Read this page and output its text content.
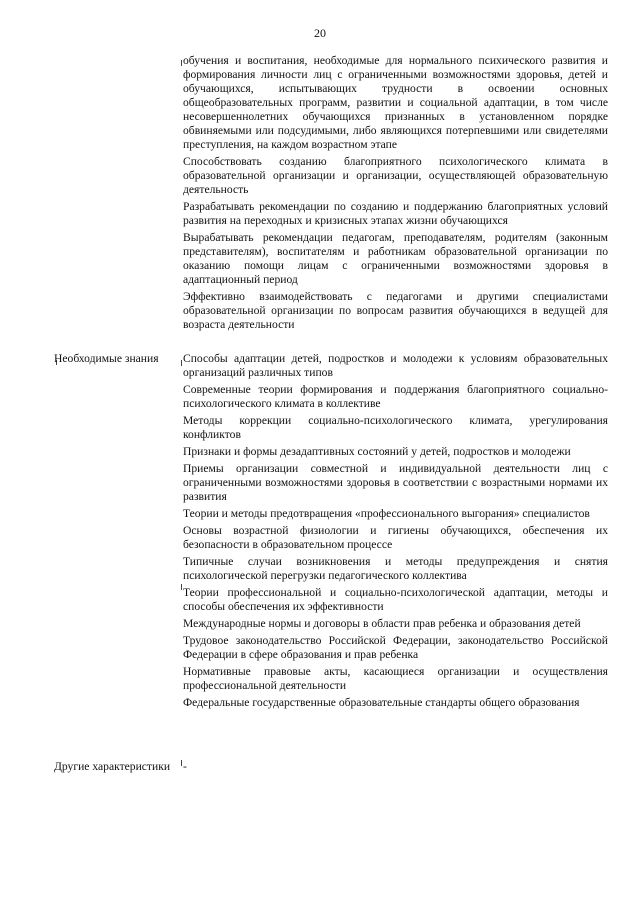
20

обучения и воспитания, необходимые для нормального психического развития и формирования личности лиц с ограниченными возможностями здоровья, детей и обучающихся, испытывающих трудности в освоении основных общеобразовательных программ, развитии и социальной адаптации, в том числе несовершеннолетних обучающихся признанных в установленном порядке обвиняемыми или подсудимыми, либо являющихся потерпевшими или свидетелями преступления, на каждом возрастном этапе

Способствовать созданию благоприятного психологического климата в образовательной организации и организации, осуществляющей образовательную деятельность

Разрабатывать рекомендации по созданию и поддержанию благоприятных условий развития на переходных и кризисных этапах жизни обучающихся

Вырабатывать рекомендации педагогам, преподавателям, родителям (законным представителям), воспитателям и работникам образовательной организации по оказанию помощи лицам с ограниченными возможностями здоровья в адаптационный период

Эффективно взаимодействовать с педагогами и другими специалистами образовательной организации по вопросам развития обучающихся в ведущей для возраста деятельности

Необходимые знания	Способы адаптации детей, подростков и молодежи к условиям образовательных организаций различных типов

Современные теории формирования и поддержания благоприятного социально-психологического климата в коллективе

Методы коррекции социально-психологического климата, урегулирования конфликтов

Признаки и формы дезадаптивных состояний у детей, подростков и молодежи

Приемы организации совместной и индивидуальной деятельности лиц с ограниченными возможностями здоровья в соответствии с возрастными нормами их развития

Теории и методы предотвращения «профессионального выгорания» специалистов

Основы возрастной физиологии и гигиены обучающихся, обеспечения их безопасности в образовательном процессе

Типичные случаи возникновения и методы предупреждения и снятия психологической перегрузки педагогического коллектива

Теории профессиональной и социально-психологической адаптации, методы и способы обеспечения их эффективности

Международные нормы и договоры в области прав ребенка и образования детей

Трудовое законодательство Российской Федерации, законодательство Российской Федерации в сфере образования и прав ребенка

Нормативные правовые акты, касающиеся организации и осуществления профессиональной деятельности

Федеральные государственные образовательные стандарты общего образования

Другие характеристики	-
